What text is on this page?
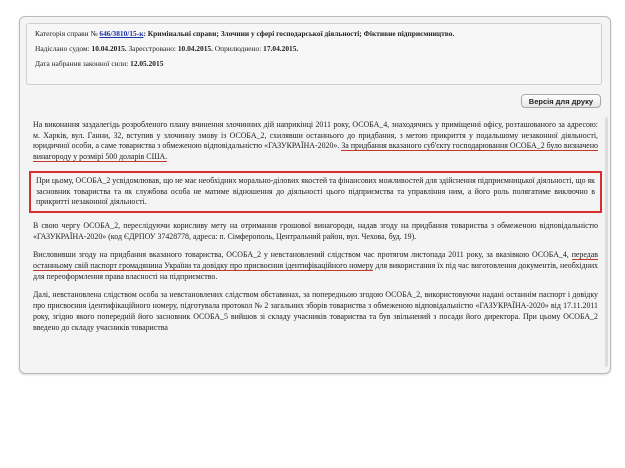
Категорія справи № 646/3810/15-к: Кримінальні справи; Злочини у сфері господарської діяльності; Фіктивне підприємництво.
Надіслано судом: 10.04.2015. Зареєстровано: 10.04.2015. Оприлюднено: 17.04.2015.
Дата набрання законної сили: 12.05.2015
Версія для друку

На виконання заздалегідь розробленого плану вчинення злочинних дій наприкінці 2011 року, ОСОБА_4, знаходячись у приміщенні офісу, розташованого за адресою: м. Харків, вул. Ганни, 32, вступив у злочинну змову із ОСОБА_2, схилявши останнього до придбання, з метою прикриття у подальшому незаконної діяльності, юридичної особи, а саме товариства з обмеженою відповідальністю «ГАЗУКРАЇНА-2020». За придбання вказаного суб'єкту господарювання ОСОБА_2 було визначено винагороду у розмірі 500 доларів США.

При цьому, ОСОБА_2 усвідомлював, що не має необхідних морально-ділових якостей та фінансових можливостей для здійснення підприємницької діяльності, що як засновник товариства та як службова особа не матиме відношення до діяльності цього підприємства та управління ним, а його роль полягатиме виключно в прикритті незаконної діяльності.

В свою чергу ОСОБА_2, переслідуючи корисливу мету на отримання грошової винагороди, надав згоду на придбання товариства з обмеженою відповідальністю «ГАЗУКРАЇНА-2020» (код ЄДРПОУ 37428778, адреса: п. Сімферополь, Центральний район, вул. Чехова, буд. 19).

Висловивши згоду на придбання вказаного товариства, ОСОБА_2 у невстановлений слідством час протягом листопада 2011 року, за вказівкою ОСОБА_4, передав останньому свій паспорт громадянина України та довідку про присвоєння ідентифікаційного номеру для використання їх під час виготовлення документів, необхідних для переоформлення права власності на підприємство.

Далі, невстановлена слідством особа за невстановлених слідством обставинах, за попередньою згодою ОСОБА_2, використовуючи надані останнім паспорт і довідку про присвоєння ідентифікаційного номеру, підготувала протокол № 2 загальних зборів товариства з обмеженою відповідальністю «ГАЗУКРАЇНА-2020» від 17.11.2011 року, згідно якого попередній його засновник ОСОБА_5 вийшов зі складу учасників товариства та був звільнений з посади його директора. При цьому ОСОБА_2 введено до складу учасників товариства
